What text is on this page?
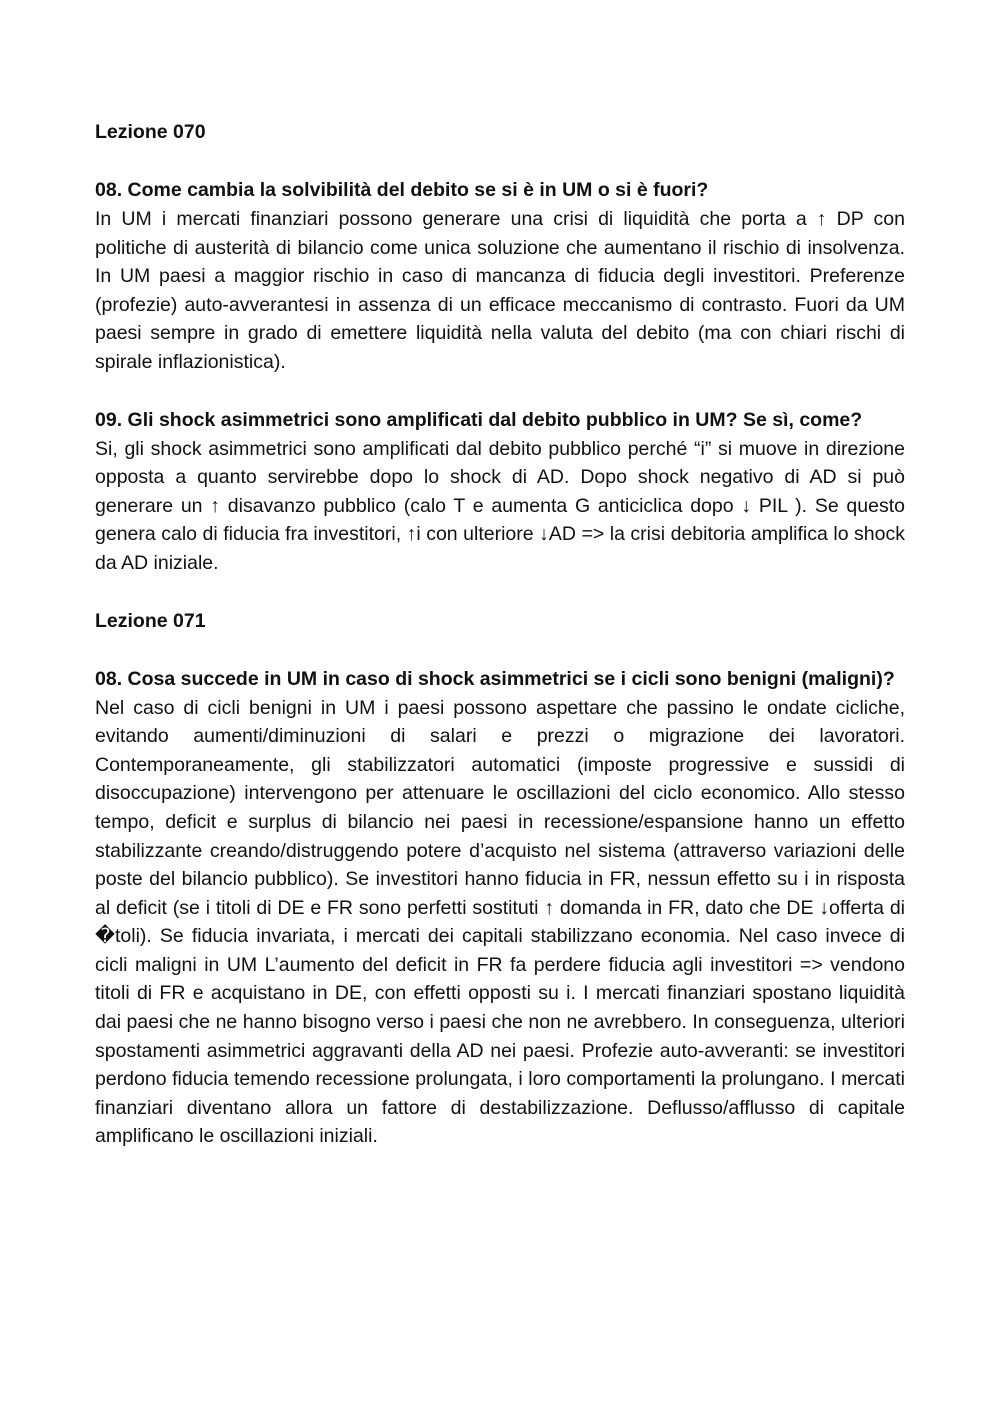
Lezione 070

08. Come cambia la solvibilità del debito se si è in UM o si è fuori?

In UM i mercati finanziari possono generare una crisi di liquidità che porta a ↑ DP con politiche di austerità di bilancio come unica soluzione che aumentano il rischio di insolvenza. In UM paesi a maggior rischio in caso di mancanza di fiducia degli investitori. Preferenze (profezie) auto-avverantesi in assenza di un efficace meccanismo di contrasto. Fuori da UM paesi sempre in grado di emettere liquidità nella valuta del debito (ma con chiari rischi di spirale inflazionistica).

09. Gli shock asimmetrici sono amplificati dal debito pubblico in UM? Se sì, come?

Si, gli shock asimmetrici sono amplificati dal debito pubblico perché “i” si muove in direzione opposta a quanto servirebbe dopo lo shock di AD. Dopo shock negativo di AD si può generare un ↑ disavanzo pubblico (calo T e aumenta G anticiclica dopo ↓ PIL ). Se questo genera calo di fiducia fra investitori, ↑i con ulteriore ↓AD => la crisi debitoria amplifica lo shock da AD iniziale.

Lezione 071

08. Cosa succede in UM in caso di shock asimmetrici se i cicli sono benigni (maligni)?

Nel caso di cicli benigni in UM i paesi possono aspettare che passino le ondate cicliche, evitando aumenti/diminuzioni di salari e prezzi o migrazione dei lavoratori. Contemporaneamente, gli stabilizzatori automatici (imposte progressive e sussidi di disoccupazione) intervengono per attenuare le oscillazioni del ciclo economico. Allo stesso tempo, deficit e surplus di bilancio nei paesi in recessione/espansione hanno un effetto stabilizzante creando/distruggendo potere d’acquisto nel sistema (attraverso variazioni delle poste del bilancio pubblico). Se investitori hanno fiducia in FR, nessun effetto su i in risposta al deficit (se i titoli di DE e FR sono perfetti sostituti ↑ domanda in FR, dato che DE ↓offerta di �toli). Se fiducia invariata, i mercati dei capitali stabilizzano economia. Nel caso invece di cicli maligni in UM L’aumento del deficit in FR fa perdere fiducia agli investitori => vendono titoli di FR e acquistano in DE, con effetti opposti su i. I mercati finanziari spostano liquidità dai paesi che ne hanno bisogno verso i paesi che non ne avrebbero. In conseguenza, ulteriori spostamenti asimmetrici aggravanti della AD nei paesi. Profezie auto-avveranti: se investitori perdono fiducia temendo recessione prolungata, i loro comportamenti la prolungano. I mercati finanziari diventano allora un fattore di destabilizzazione. Deflusso/afflusso di capitale amplificano le oscillazioni iniziali.
